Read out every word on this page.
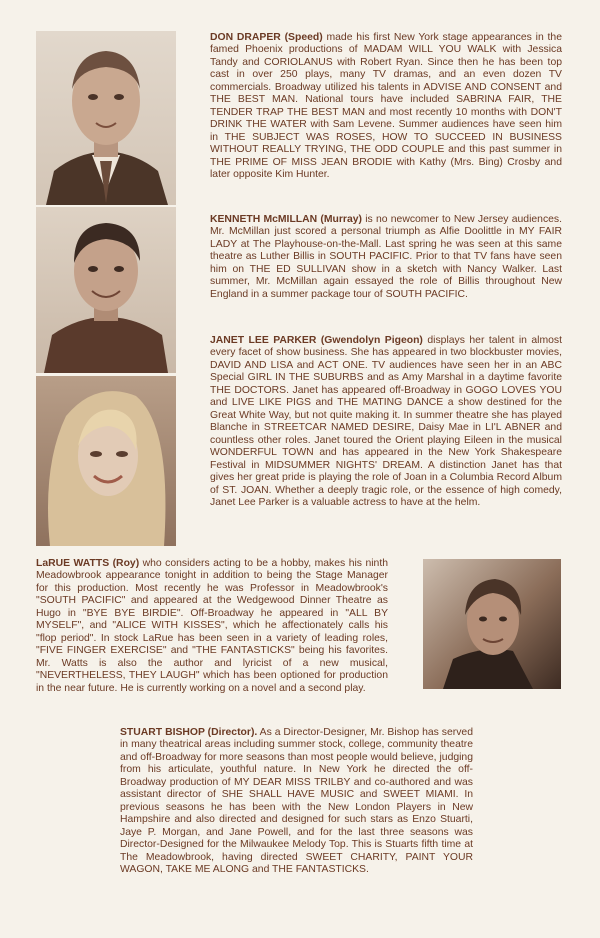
DON DRAPER (Speed) made his first New York stage appearances in the famed Phoenix productions of MADAM WILL YOU WALK with Jessica Tandy and CORIOLANUS with Robert Ryan. Since then he has been top cast in over 250 plays, many TV dramas, and an even dozen TV commercials. Broadway utilized his talents in ADVISE AND CONSENT and THE BEST MAN. National tours have included SABRINA FAIR, THE TENDER TRAP THE BEST MAN and most recently 10 months with DON'T DRINK THE WATER with Sam Levene. Summer audiences have seen him in THE SUBJECT WAS ROSES, HOW TO SUCCEED IN BUSINESS WITHOUT REALLY TRYING, THE ODD COUPLE and this past summer in THE PRIME OF MISS JEAN BRODIE with Kathy (Mrs. Bing) Crosby and later opposite Kim Hunter.

KENNETH McMILLAN (Murray) is no newcomer to New Jersey audiences. Mr. McMillan just scored a personal triumph as Alfie Doolittle in MY FAIR LADY at The Playhouse-on-the-Mall. Last spring he was seen at this same theatre as Luther Billis in SOUTH PACIFIC. Prior to that TV fans have seen him on THE ED SULLIVAN show in a sketch with Nancy Walker. Last summer, Mr. McMillan again essayed the role of Billis throughout New England in a summer package tour of SOUTH PACIFIC.

JANET LEE PARKER (Gwendolyn Pigeon) displays her talent in almost every facet of show business. She has appeared in two blockbuster movies, DAVID AND LISA and ACT ONE. TV audiences have seen her in an ABC Special GIRL IN THE SUBURBS and as Amy Marshal in a daytime favorite THE DOCTORS. Janet has appeared off-Broadway in GOGO LOVES YOU and LIVE LIKE PIGS and THE MATING DANCE a show destined for the Great White Way, but not quite making it. In summer theatre she has played Blanche in STREETCAR NAMED DESIRE, Daisy Mae in LI'L ABNER and countless other roles. Janet toured the Orient playing Eileen in the musical WONDERFUL TOWN and has appeared in the New York Shakespeare Festival in MIDSUMMER NIGHTS' DREAM. A distinction Janet has that gives her great pride is playing the role of Joan in a Columbia Record Album of ST. JOAN. Whether a deeply tragic role, or the essence of high comedy, Janet Lee Parker is a valuable actress to have at the helm.

LaRUE WATTS (Roy) who considers acting to be a hobby, makes his ninth Meadowbrook appearance tonight in addition to being the Stage Manager for this production. Most recently he was Professor in Meadowbrook's "SOUTH PACIFIC" and appeared at the Wedgewood Dinner Theatre as Hugo in "BYE BYE BIRDIE". Off-Broadway he appeared in "ALL BY MYSELF", and "ALICE WITH KISSES", which he affectionately calls his "flop period". In stock LaRue has been seen in a variety of leading roles, "FIVE FINGER EXERCISE" and "THE FANTASTICKS" being his favorites. Mr. Watts is also the author and lyricist of a new musical, "NEVERTHELESS, THEY LAUGH" which has been optioned for production in the near future. He is currently working on a novel and a second play.

STUART BISHOP (Director). As a Director-Designer, Mr. Bishop has served in many theatrical areas including summer stock, college, community theatre and off-Broadway for more seasons than most people would believe, judging from his articulate, youthful nature. In New York he directed the off-Broadway production of MY DEAR MISS TRILBY and co-authored and was assistant director of SHE SHALL HAVE MUSIC and SWEET MIAMI. In previous seasons he has been with the New London Players in New Hampshire and also directed and designed for such stars as Enzo Stuarti, Jaye P. Morgan, and Jane Powell, and for the last three seasons was Director-Designed for the Milwaukee Melody Top. This is Stuarts fifth time at The Meadowbrook, having directed SWEET CHARITY, PAINT YOUR WAGON, TAKE ME ALONG and THE FANTASTICKS.
